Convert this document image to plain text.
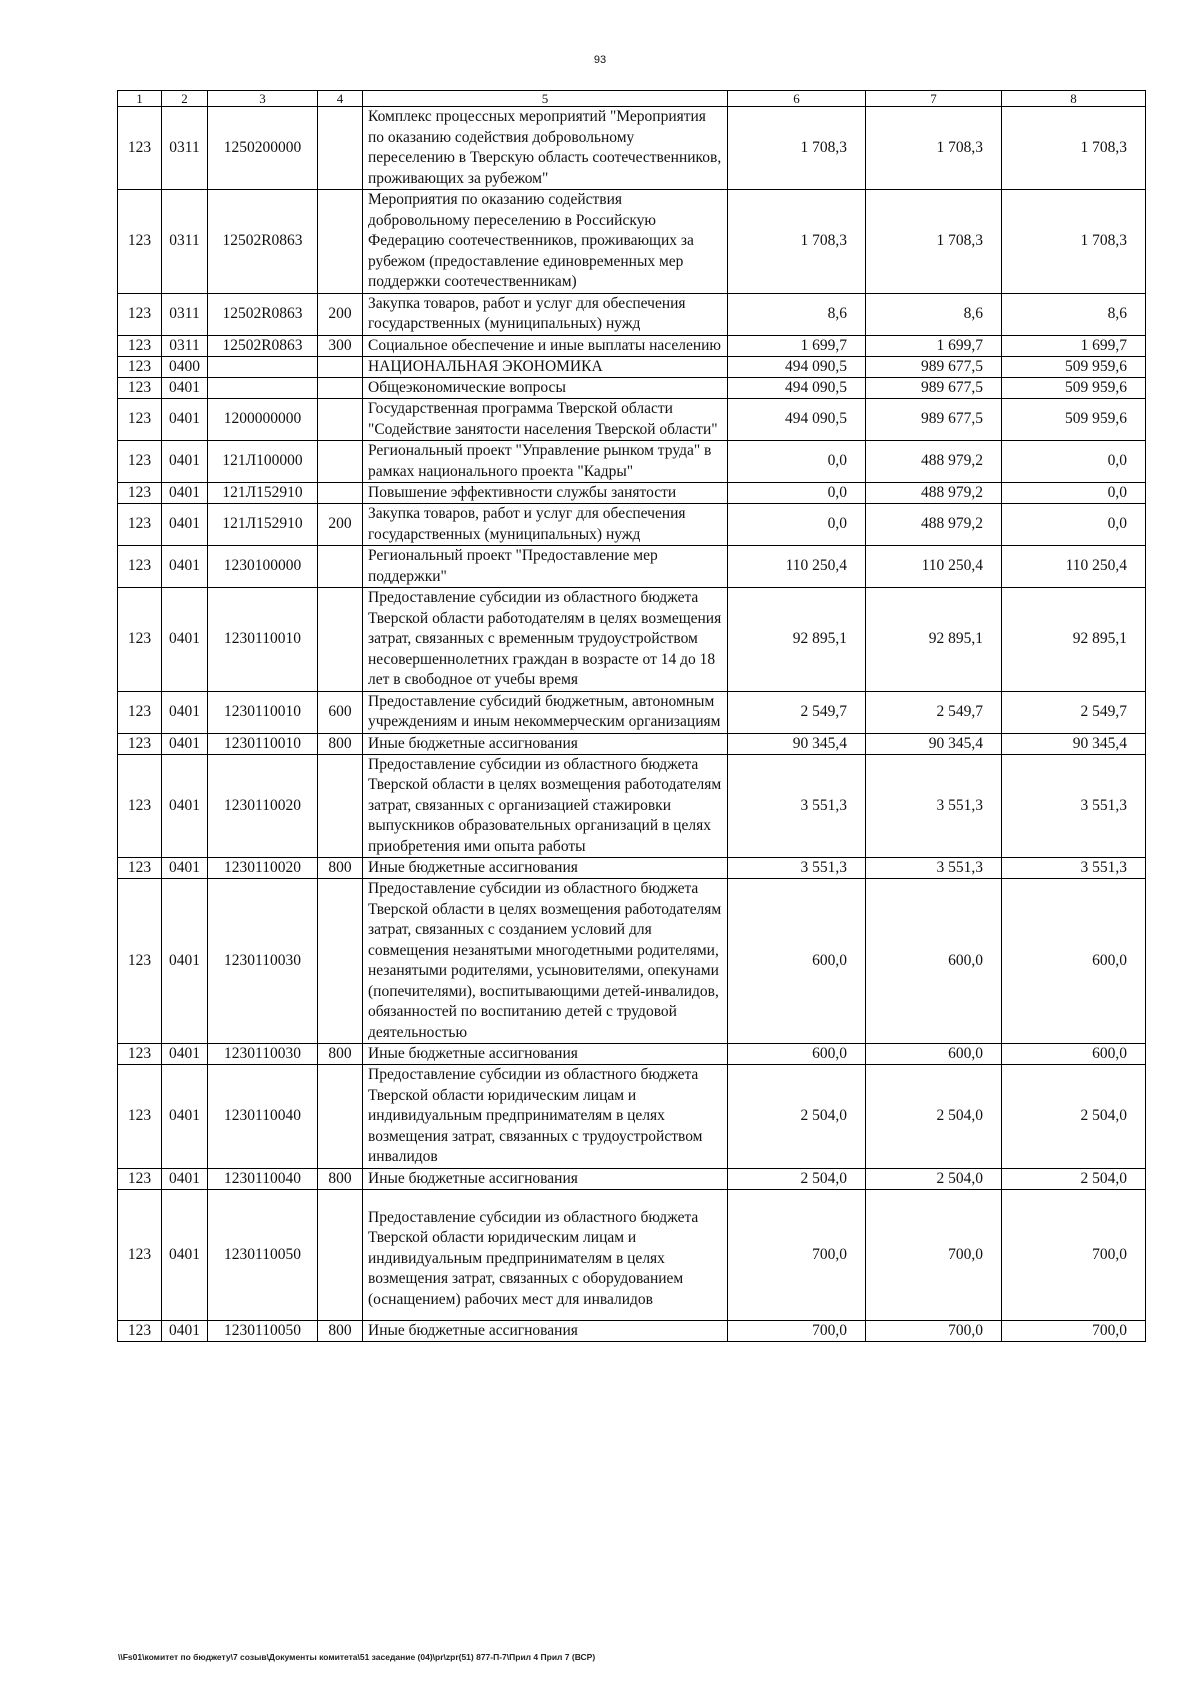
93
1	2	3	4	5	6	7	8
123	0311	1250200000		Комплекс процессных мероприятий "Мероприятия по оказанию содействия добровольному переселению в Тверскую область соотечественников, проживающих за рубежом"	1 708,3	1 708,3	1 708,3
123	0311	12502R0863		Мероприятия по оказанию содействия добровольному переселению в Российскую Федерацию соотечественников, проживающих за рубежом (предоставление единовременных мер поддержки соотечественникам)	1 708,3	1 708,3	1 708,3
123	0311	12502R0863	200	Закупка товаров, работ и услуг для обеспечения государственных (муниципальных) нужд	8,6	8,6	8,6
123	0311	12502R0863	300	Социальное обеспечение и иные выплаты населению	1 699,7	1 699,7	1 699,7
123	0400			НАЦИОНАЛЬНАЯ ЭКОНОМИКА	494 090,5	989 677,5	509 959,6
123	0401			Общеэкономические вопросы	494 090,5	989 677,5	509 959,6
123	0401	1200000000		Государственная программа Тверской области "Содействие занятости населения Тверской области"	494 090,5	989 677,5	509 959,6
123	0401	121Л100000		Региональный проект "Управление рынком труда" в рамках национального проекта "Кадры"	0,0	488 979,2	0,0
123	0401	121Л152910		Повышение эффективности службы занятости	0,0	488 979,2	0,0
123	0401	121Л152910	200	Закупка товаров, работ и услуг для обеспечения государственных (муниципальных) нужд	0,0	488 979,2	0,0
123	0401	1230100000		Региональный проект "Предоставление мер поддержки"	110 250,4	110 250,4	110 250,4
123	0401	1230110010		Предоставление субсидии из областного бюджета Тверской области работодателям в целях возмещения затрат, связанных с временным трудоустройством несовершеннолетних граждан в возрасте от 14 до 18 лет в свободное от учебы время	92 895,1	92 895,1	92 895,1
123	0401	1230110010	600	Предоставление субсидий бюджетным, автономным учреждениям и иным некоммерческим организациям	2 549,7	2 549,7	2 549,7
123	0401	1230110010	800	Иные бюджетные ассигнования	90 345,4	90 345,4	90 345,4
123	0401	1230110020		Предоставление субсидии из областного бюджета Тверской области в целях возмещения работодателям затрат, связанных с организацией стажировки выпускников образовательных организаций в целях приобретения ими опыта работы	3 551,3	3 551,3	3 551,3
123	0401	1230110020	800	Иные бюджетные ассигнования	3 551,3	3 551,3	3 551,3
123	0401	1230110030		Предоставление субсидии из областного бюджета Тверской области в целях возмещения работодателям затрат, связанных с созданием условий для совмещения незанятыми многодетными родителями, незанятыми родителями, усыновителями, опекунами (попечителями), воспитывающими детей-инвалидов, обязанностей по воспитанию детей с трудовой деятельностью	600,0	600,0	600,0
123	0401	1230110030	800	Иные бюджетные ассигнования	600,0	600,0	600,0
123	0401	1230110040		Предоставление субсидии из областного бюджета Тверской области юридическим лицам и индивидуальным предпринимателям в целях возмещения затрат, связанных с трудоустройством инвалидов	2 504,0	2 504,0	2 504,0
123	0401	1230110040	800	Иные бюджетные ассигнования	2 504,0	2 504,0	2 504,0
123	0401	1230110050		Предоставление субсидии из областного бюджета Тверской области юридическим лицам и индивидуальным предпринимателям в целях возмещения затрат, связанных с оборудованием (оснащением) рабочих мест для инвалидов	700,0	700,0	700,0
123	0401	1230110050	800	Иные бюджетные ассигнования	700,0	700,0	700,0
\\Fs01\комитет по бюджету\7 созыв\Документы комитета\51 заседание (04)\pr\zpr(51) 877-П-7\Прил 4 Прил 7 (ВСР)
